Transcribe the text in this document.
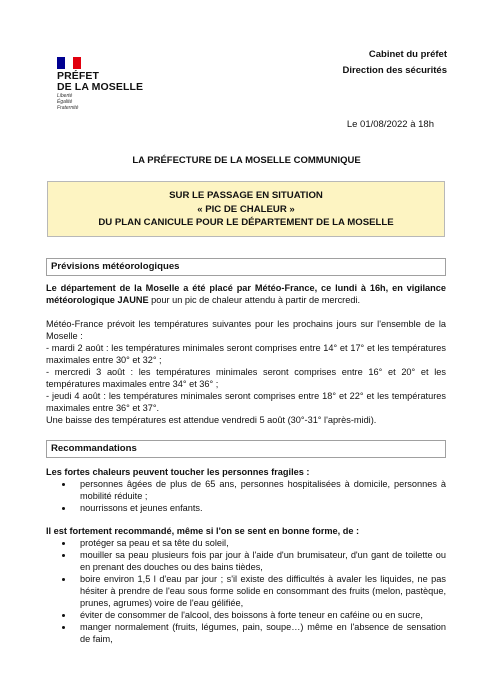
PRÉFET
DE LA MOSELLE
Liberté
Égalité
Fraternité
Cabinet du préfet
Direction des sécurités
Le 01/08/2022 à 18h
LA PRÉFECTURE DE LA MOSELLE COMMUNIQUE
SUR LE PASSAGE EN SITUATION
« PIC DE CHALEUR »
DU PLAN CANICULE POUR LE DÉPARTEMENT DE LA MOSELLE
Prévisions météorologiques

Le département de la Moselle a été placé par Météo-France, ce lundi à 16h, en vigilance météorologique JAUNE pour un pic de chaleur attendu à partir de mercredi.

Météo-France prévoit les températures suivantes pour les prochains jours sur l'ensemble de la Moselle :

- mardi 2 août : les températures minimales seront comprises entre 14° et 17° et les températures maximales entre 30° et 32° ;

- mercredi 3 août : les températures minimales seront comprises entre 16° et 20° et les températures maximales entre 34° et 36° ;

- jeudi 4 août : les températures minimales seront comprises entre 18° et 22° et les températures maximales entre 36° et 37°.

Une baisse des températures est attendue vendredi 5 août (30°-31° l'après-midi).

Recommandations

Les fortes chaleurs peuvent toucher les personnes fragiles :

• personnes âgées de plus de 65 ans, personnes hospitalisées à domicile, personnes à mobilité réduite ;
• nourrissons et jeunes enfants.

Il est fortement recommandé, même si l'on se sent en bonne forme, de :

• protéger sa peau et sa tête du soleil,
• mouiller sa peau plusieurs fois par jour à l'aide d'un brumisateur, d'un gant de toilette ou en prenant des douches ou des bains tièdes,
• boire environ 1,5 l d'eau par jour ; s'il existe des difficultés à avaler les liquides, ne pas hésiter à prendre de l'eau sous forme solide en consommant des fruits (melon, pastèque, prunes, agrumes) voire de l'eau gélifiée,
• éviter de consommer de l'alcool, des boissons à forte teneur en caféine ou en sucre,
• manger normalement (fruits, légumes, pain, soupe…) même en l'absence de sensation de faim,
